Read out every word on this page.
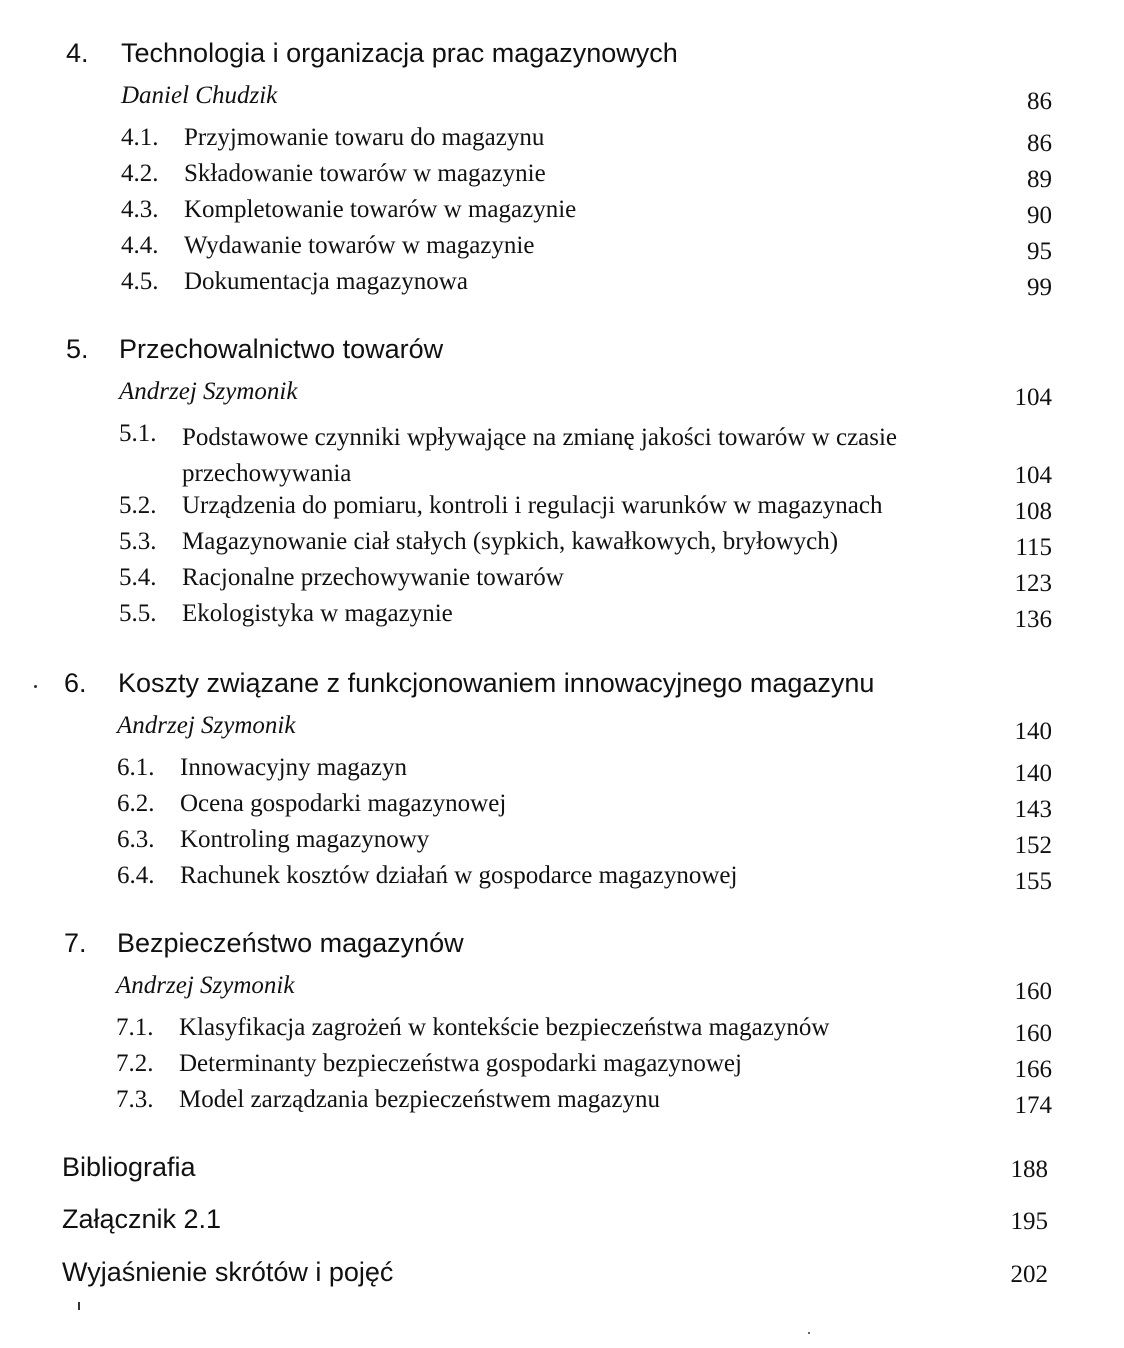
4. Technologia i organizacja prac magazynowych
Daniel Chudzik	86
4.1. Przyjmowanie towaru do magazynu	86
4.2. Składowanie towarów w magazynie	89
4.3. Kompletowanie towarów w magazynie	90
4.4. Wydawanie towarów w magazynie	95
4.5. Dokumentacja magazynowa	99
5. Przechowalnictwo towarów
Andrzej Szymonik	104
5.1. Podstawowe czynniki wpływające na zmianę jakości towarów w czasie przechowywania	104
5.2. Urządzenia do pomiaru, kontroli i regulacji warunków w magazynach	108
5.3. Magazynowanie ciał stałych (sypkich, kawałkowych, bryłowych)	115
5.4. Racjonalne przechowywanie towarów	123
5.5. Ekologistyka w magazynie	136
6. Koszty związane z funkcjonowaniem innowacyjnego magazynu
Andrzej Szymonik	140
6.1. Innowacyjny magazyn	140
6.2. Ocena gospodarki magazynowej	143
6.3. Kontroling magazynowy	152
6.4. Rachunek kosztów działań w gospodarce magazynowej	155
7. Bezpieczeństwo magazynów
Andrzej Szymonik	160
7.1. Klasyfikacja zagrożeń w kontekście bezpieczeństwa magazynów	160
7.2. Determinanty bezpieczeństwa gospodarki magazynowej	166
7.3. Model zarządzania bezpieczeństwem magazynu	174
Bibliografia	188
Załącznik 2.1	195
Wyjaśnienie skrótów i pojęć	202
